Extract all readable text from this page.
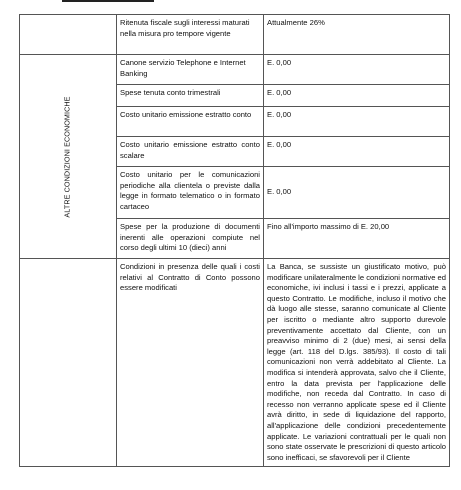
	Ritenuta fiscale sugli interessi maturati nella misura pro tempore vigente	Attualmente 26%

ALTRE CONDIZIONI ECONOMICHE	Canone servizio Telephone e Internet Banking	E. 0,00
	Spese tenuta conto trimestrali	E. 0,00
	Costo unitario emissione estratto conto	E. 0,00
	Costo unitario emissione estratto conto scalare	E. 0,00
	Costo unitario per le comunicazioni periodiche alla clientela o previste dalla legge in formato telematico o in formato cartaceo	E. 0,00
	Spese per la produzione di documenti inerenti alle operazioni compiute nel corso degli ultimi 10 (dieci) anni	Fino all'importo massimo di E. 20,00
	Condizioni in presenza delle quali i costi relativi al Contratto di Conto possono essere modificati	La Banca, se sussiste un giustificato motivo, può modificare unilateralmente le condizioni normative ed economiche, ivi inclusi i tassi e i prezzi, applicate a questo Contratto. Le modifiche, incluso il motivo che dà luogo alle stesse, saranno comunicate al Cliente per iscritto o mediante altro supporto durevole preventivamente accettato dal Cliente, con un preavviso minimo di 2 (due) mesi, ai sensi della legge (art. 118 del D.lgs. 385/93). Il costo di tali comunicazioni non verrà addebitato al Cliente. La modifica si intenderà approvata, salvo che il Cliente, entro la data prevista per l'applicazione delle modifiche, non receda dal Contratto. In caso di recesso non verranno applicate spese ed il Cliente avrà diritto, in sede di liquidazione del rapporto, all'applicazione delle condizioni precedentemente applicate. Le variazioni contrattuali per le quali non sono state osservate le prescrizioni di questo articolo sono inefficaci, se sfavorevoli per il Cliente
